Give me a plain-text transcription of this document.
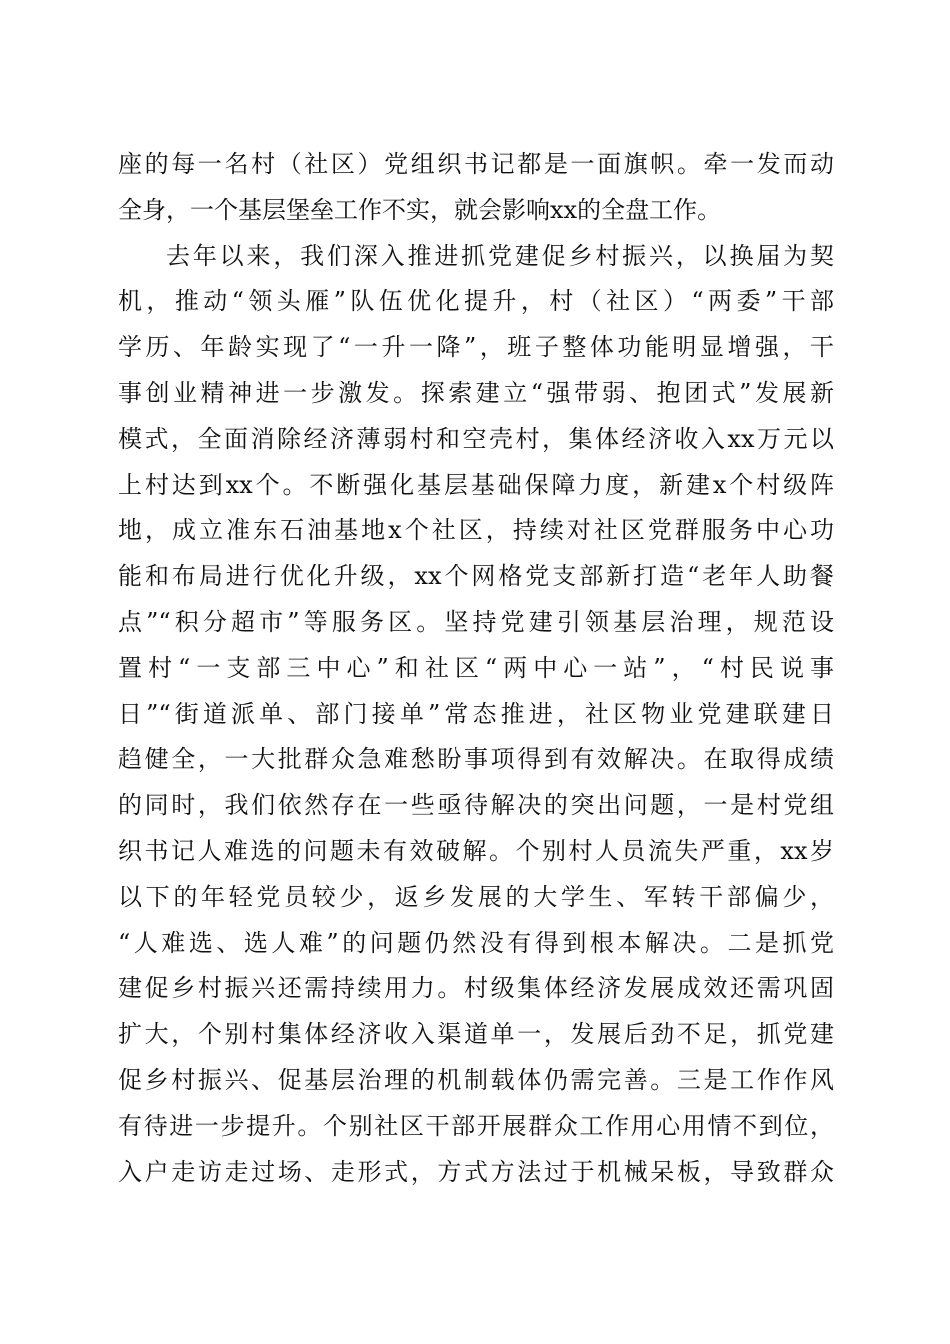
座的每一名村（社区）党组织书记都是一面旗帜。牵一发而动
全身，一个基层堡垒工作不实，就会影响xx的全盘工作。
去年以来，我们深入推进抓党建促乡村振兴，以换届为契
机，推动“领头雁”队伍优化提升，村（社区）“两委”干部
学历、年龄实现了“一升一降”，班子整体功能明显增强，干
事创业精神进一步激发。探索建立“强带弱、抱团式”发展新
模式，全面消除经济薄弱村和空壳村，集体经济收入xx万元以
上村达到xx个。不断强化基层基础保障力度，新建x个村级阵
地，成立准东石油基地x个社区，持续对社区党群服务中心功
能和布局进行优化升级，xx个网格党支部新打造“老年人助餐
点”“积分超市”等服务区。坚持党建引领基层治理，规范设
置村“一支部三中心”和社区“两中心一站”，“村民说事
日”“街道派单、部门接单”常态推进，社区物业党建联建日
趋健全，一大批群众急难愁盼事项得到有效解决。在取得成绩
的同时，我们依然存在一些亟待解决的突出问题，一是村党组
织书记人难选的问题未有效破解。个别村人员流失严重，xx岁
以下的年轻党员较少，返乡发展的大学生、军转干部偏少，
“人难选、选人难”的问题仍然没有得到根本解决。二是抓党
建促乡村振兴还需持续用力。村级集体经济发展成效还需巩固
扩大，个别村集体经济收入渠道单一，发展后劲不足，抓党建
促乡村振兴、促基层治理的机制载体仍需完善。三是工作作风
有待进一步提升。个别社区干部开展群众工作用心用情不到位，
入户走访走过场、走形式，方式方法过于机械呆板，导致群众
